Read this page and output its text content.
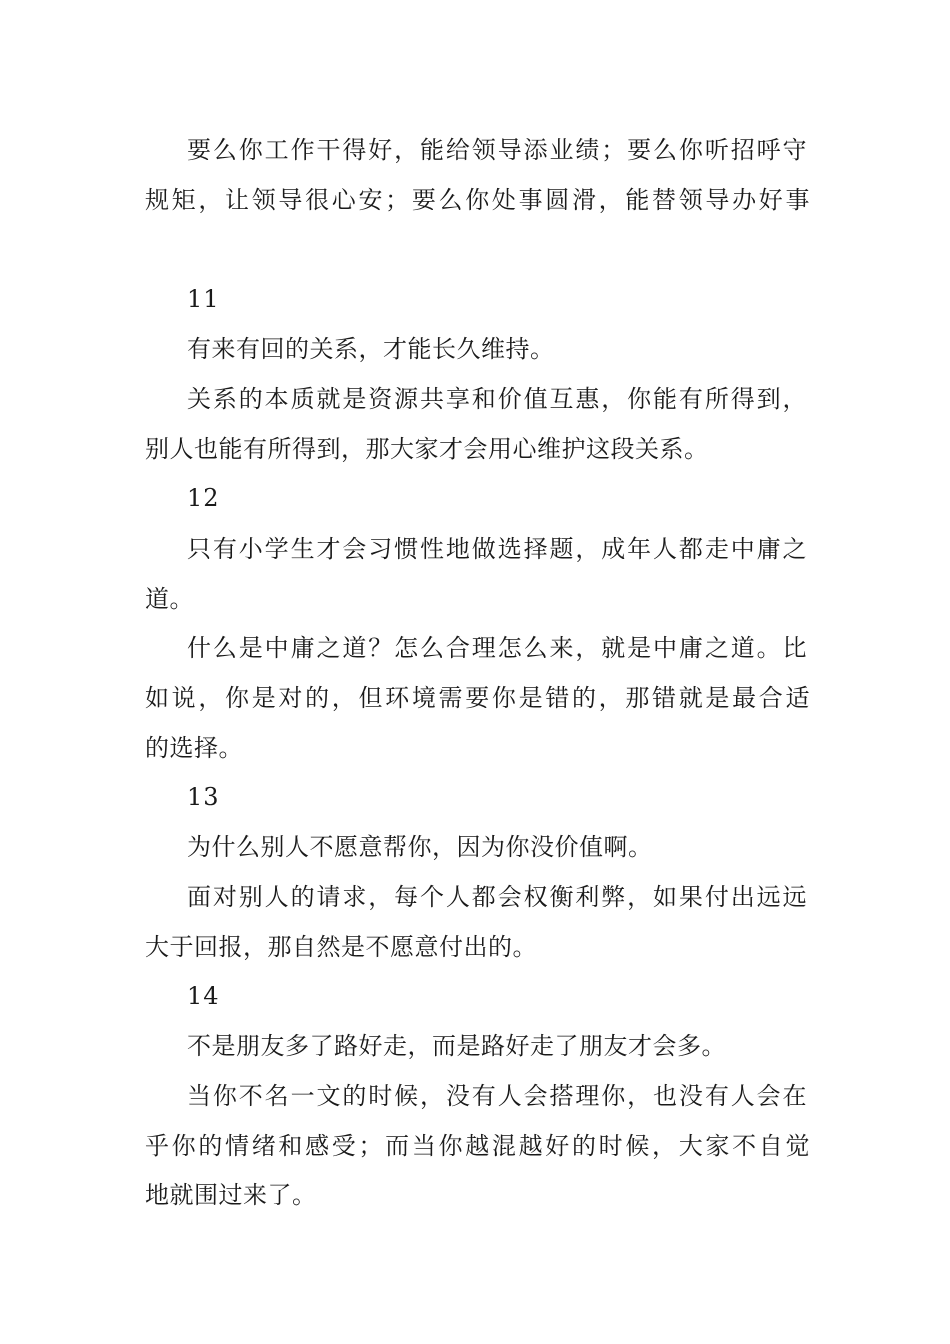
要么你工作干得好，能给领导添业绩；要么你听招呼守
规矩，让领导很心安；要么你处事圆滑，能替领导办好事
11
有来有回的关系，才能长久维持。
关系的本质就是资源共享和价值互惠，你能有所得到，
别人也能有所得到，那大家才会用心维护这段关系。
12
只有小学生才会习惯性地做选择题，成年人都走中庸之
道。
什么是中庸之道？怎么合理怎么来，就是中庸之道。比
如说，你是对的，但环境需要你是错的，那错就是最合适
的选择。
13
为什么别人不愿意帮你，因为你没价值啊。
面对别人的请求，每个人都会权衡利弊，如果付出远远
大于回报，那自然是不愿意付出的。
14
不是朋友多了路好走，而是路好走了朋友才会多。
当你不名一文的时候，没有人会搭理你，也没有人会在
乎你的情绪和感受；而当你越混越好的时候，大家不自觉
地就围过来了。
